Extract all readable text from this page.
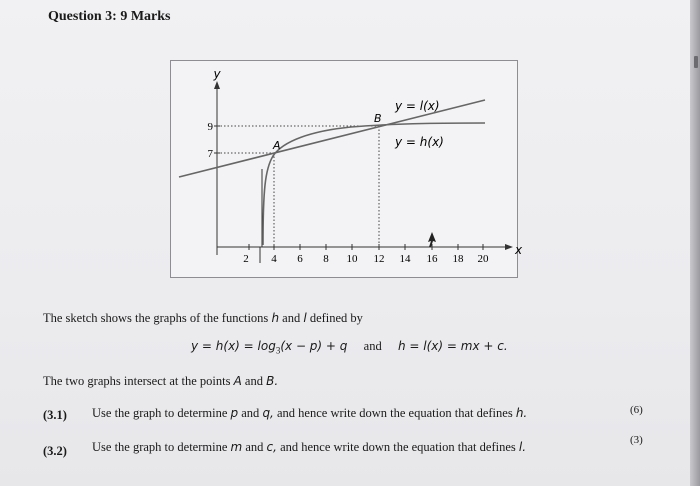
Question 3: 9 Marks
y
x
9
7
2 4 6 8 10 12 14 16 18 20
A
B
y = l(x)
y = h(x)
The sketch shows the graphs of the functions h and l defined by
$y = h(x) = \log_3(x - p) + q$ and h = l(x) = mx + c.
The two graphs intersect at the points A and B.
(3.1) Use the graph to determine p and q, and hence write down the equation that defines h.	(6)
(3.2) Use the graph to determine m and c, and hence write down the equation that defines l.	(3)
